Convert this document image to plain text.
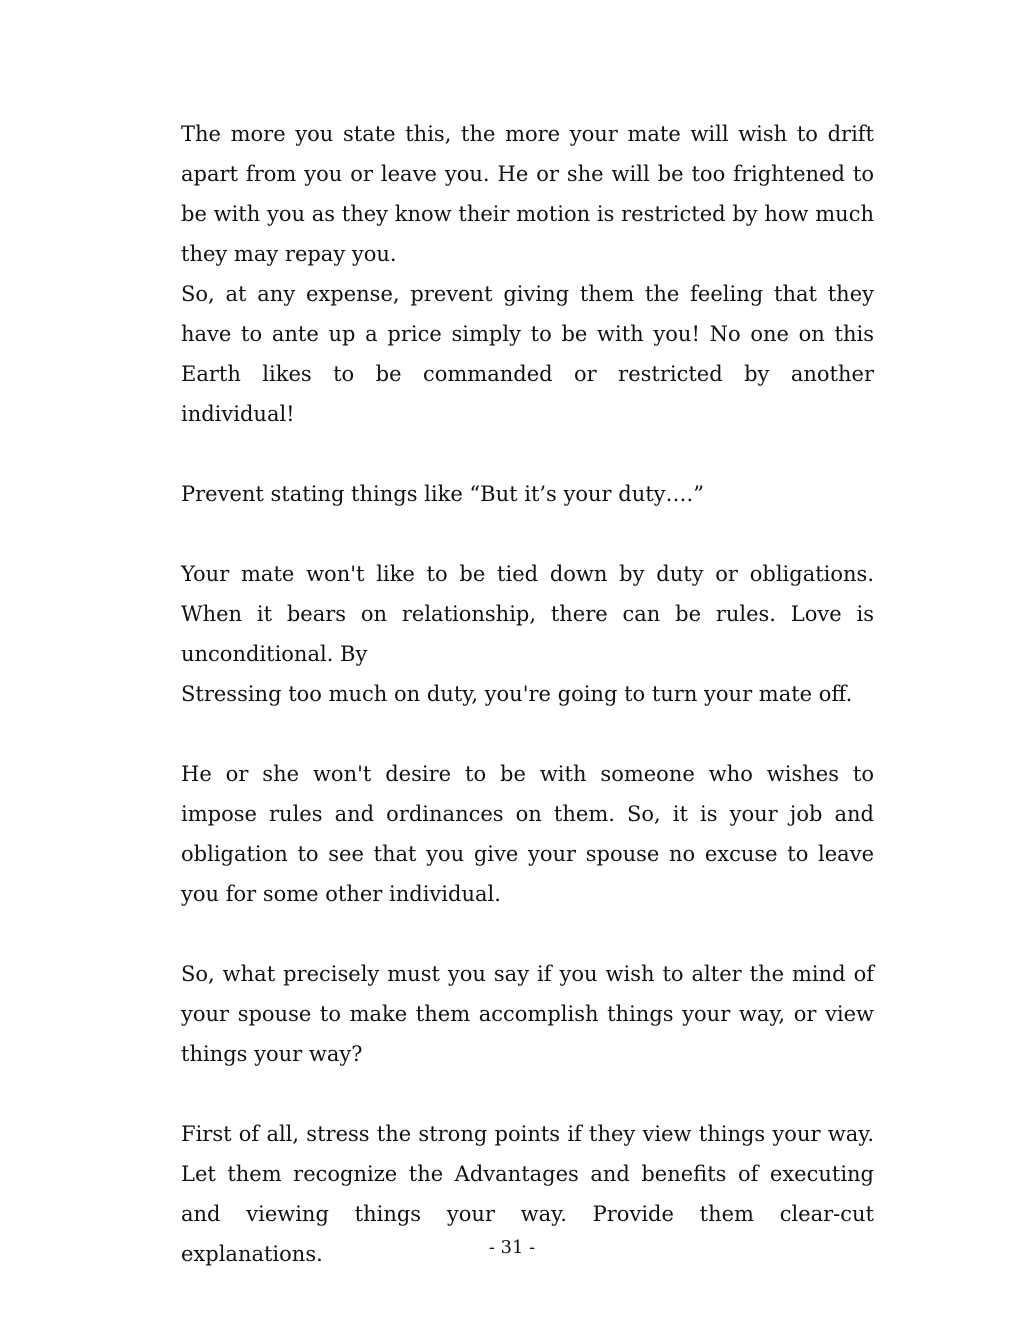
The more you state this, the more your mate will wish to drift apart from you or leave you. He or she will be too frightened to be with you as they know their motion is restricted by how much they may repay you.

So, at any expense, prevent giving them the feeling that they have to ante up a price simply to be with you! No one on this Earth likes to be commanded or restricted by another individual!

Prevent stating things like “But it’s your duty….”

Your mate won't like to be tied down by duty or obligations. When it bears on relationship, there can be rules. Love is unconditional. By

Stressing too much on duty, you're going to turn your mate off.

He or she won't desire to be with someone who wishes to impose rules and ordinances on them. So, it is your job and obligation to see that you give your spouse no excuse to leave you for some other individual.

So, what precisely must you say if you wish to alter the mind of your spouse to make them accomplish things your way, or view things your way?

First of all, stress the strong points if they view things your way. Let them recognize the Advantages and benefits of executing and viewing things your way. Provide them clear-cut explanations.	- 31 -
